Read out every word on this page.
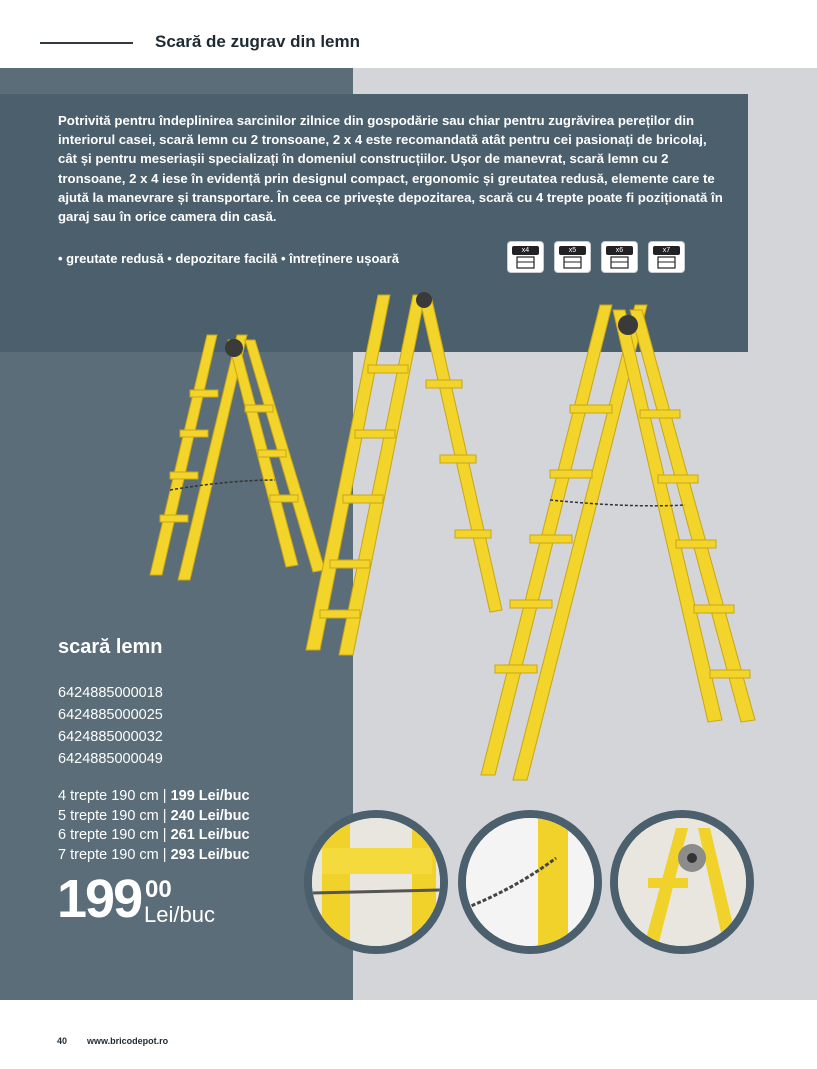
Scară de zugrav din lemn
Potrivită pentru îndeplinirea sarcinilor zilnice din gospodărie sau chiar pentru zugrăvirea pereților din interiorul casei, scară lemn cu 2 tronsoane, 2 x 4 este recomandată atât pentru cei pasionați de bricolaj, cât și pentru meseriașii specializați în domeniul construcțiilor. Ușor de manevrat, scară lemn cu 2 tronsoane, 2 x 4 iese în evidență prin designul compact, ergonomic și greutatea redusă, elemente care te ajută la manevrare și transportare. În ceea ce privește depozitarea, scară cu 4 trepte poate fi poziționată în garaj sau în orice camera din casă.
• greutate redusă • depozitare facilă • întreținere ușoară
x4	x5	x6	x7
scară lemn
6424885000018
6424885000025
6424885000032
6424885000049
4 trepte 190 cm | 199 Lei/buc
5 trepte 190 cm | 240 Lei/buc
6 trepte 190 cm | 261 Lei/buc
7 trepte 190 cm | 293 Lei/buc
199 00
Lei/buc
40 www.bricodepot.ro
